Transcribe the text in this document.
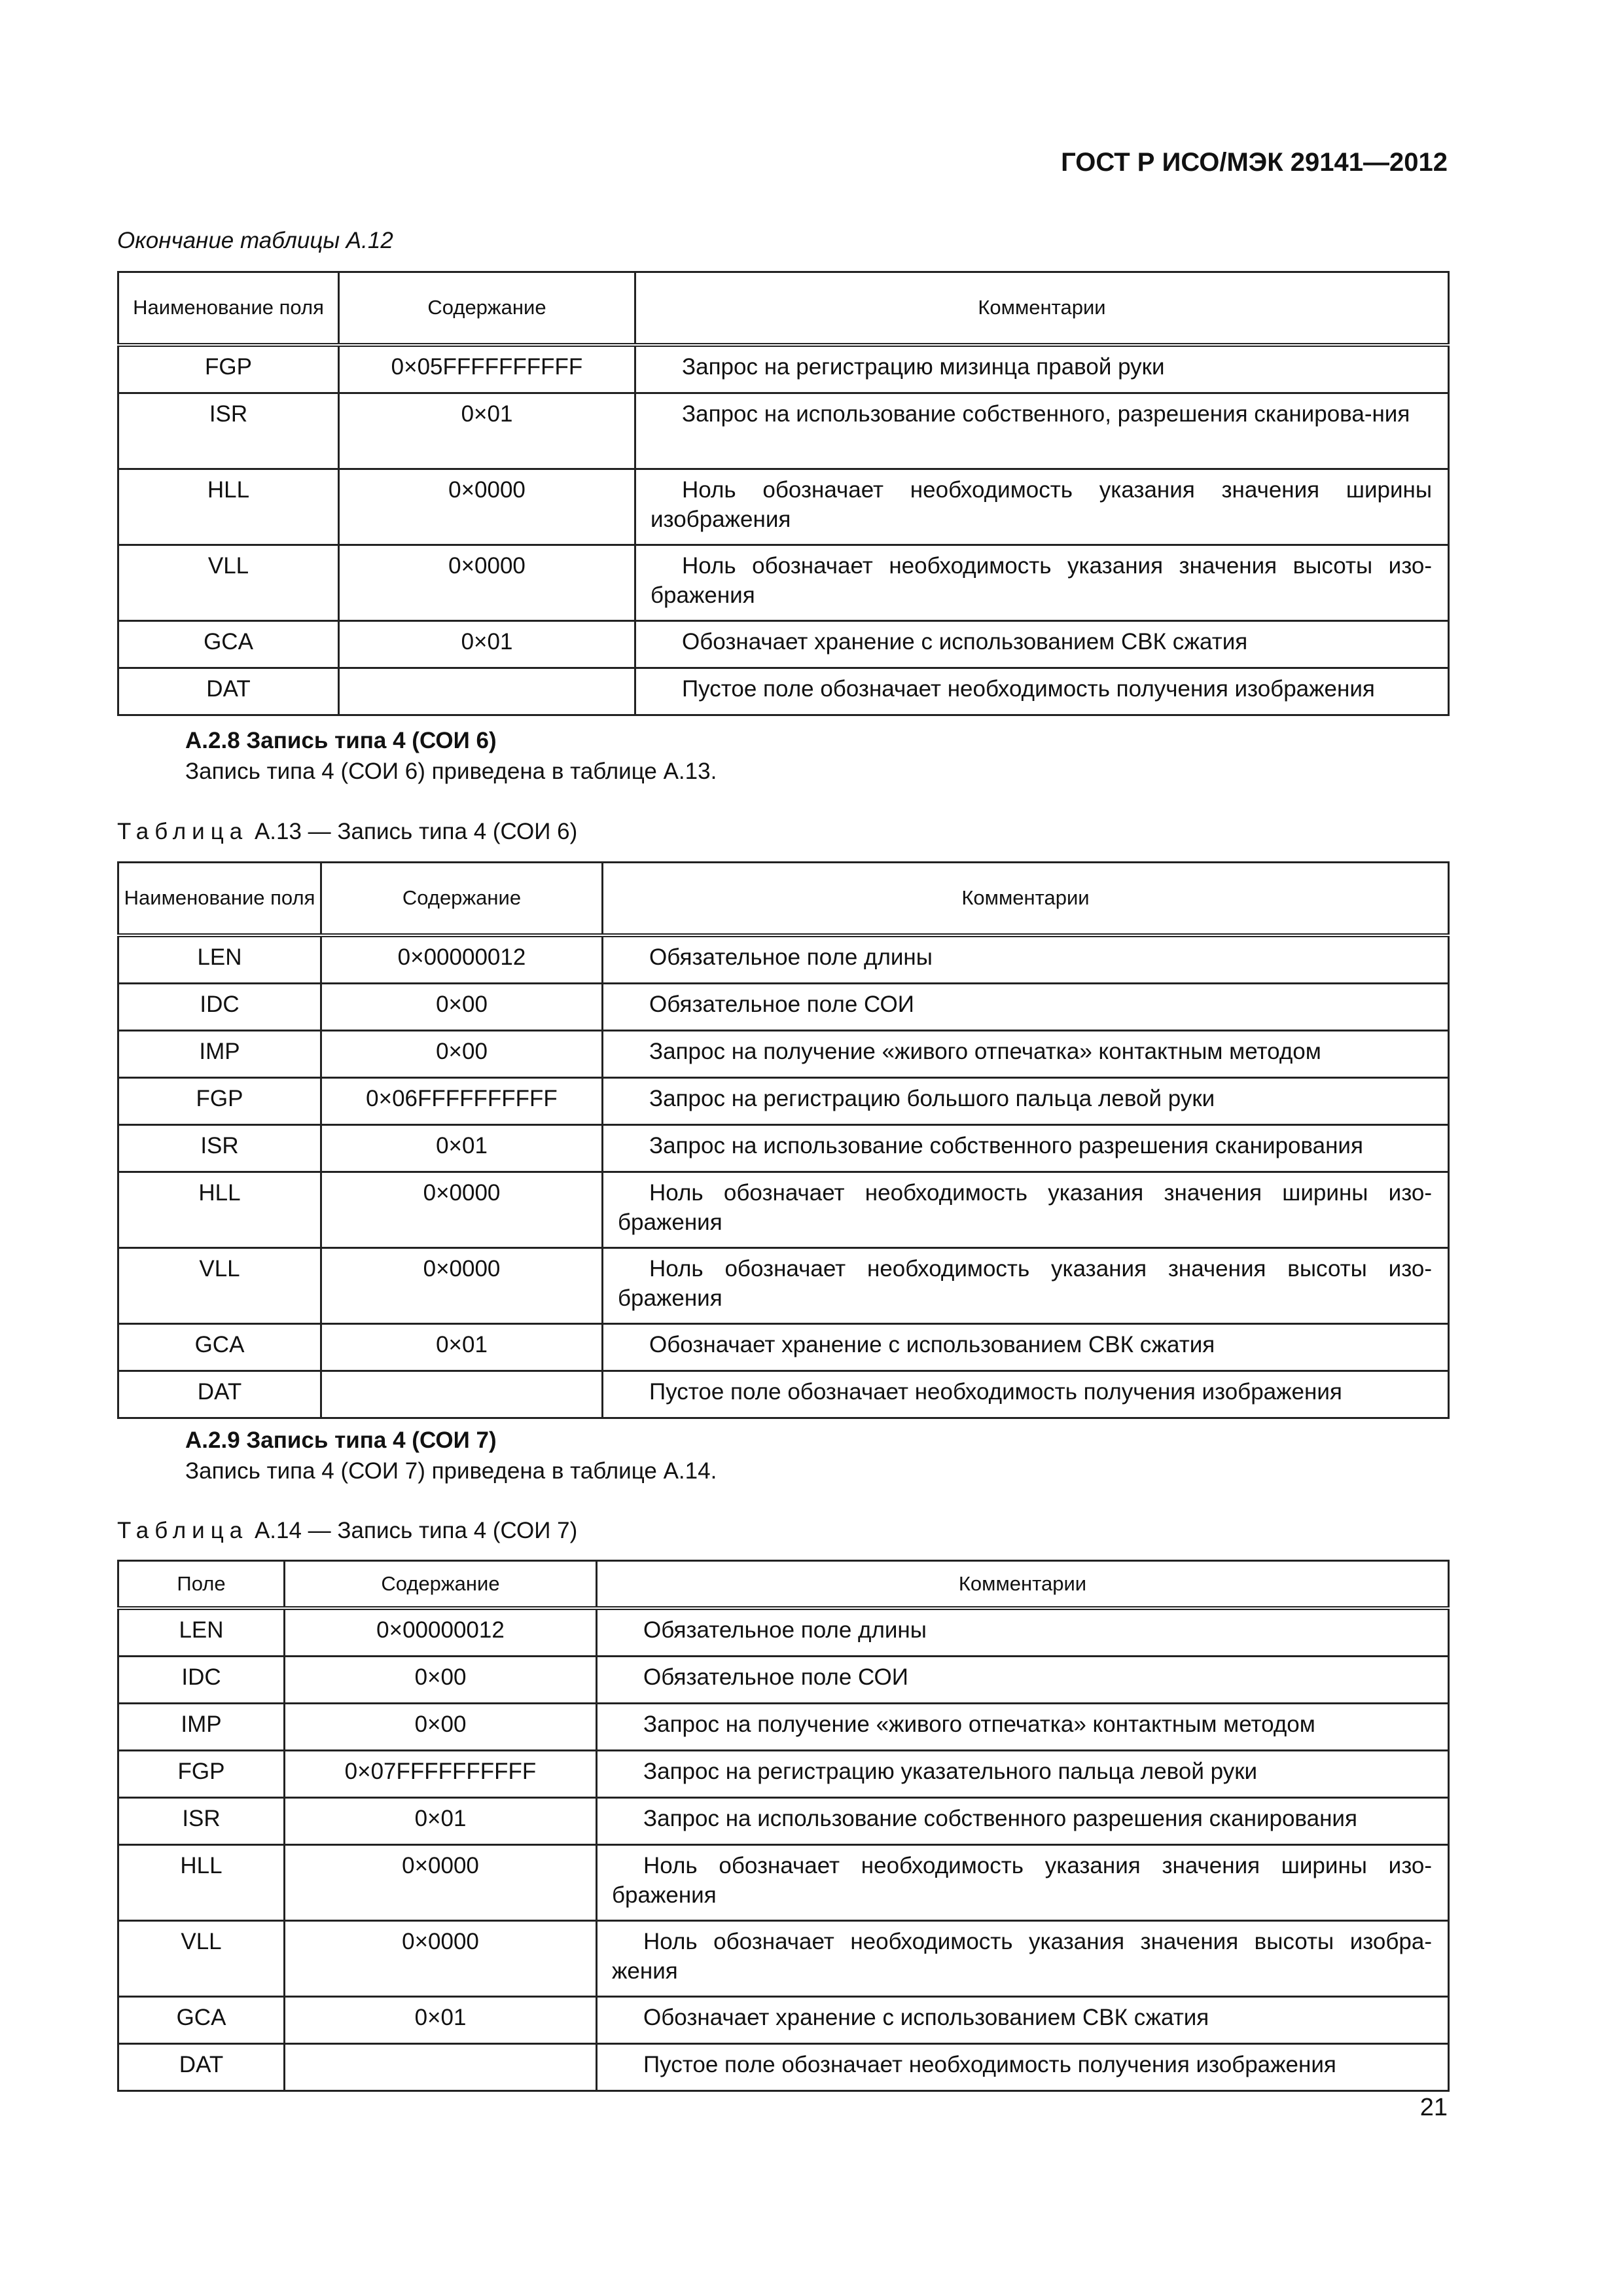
ГОСТ Р ИСО/МЭК 29141—2012
Окончание таблицы А.12
Наименование поля	Содержание	Комментарии
FGP	0×05FFFFFFFFFF	Запрос на регистрацию мизинца правой руки
ISR	0×01	Запрос на использование собственного, разрешения сканирова-ния
HLL	0×0000	Ноль обозначает необходимость указания значения ширины изображения
VLL	0×0000	Ноль обозначает необходимость указания значения высоты изо-бражения
GCA	0×01	Обозначает хранение с использованием СВК сжатия
DAT		Пустое поле обозначает необходимость получения изображения
А.2.8 Запись типа 4 (СОИ 6)
Запись типа 4 (СОИ 6) приведена в таблице А.13.
Таблица А.13 — Запись типа 4 (СОИ 6)
Наименование поля	Содержание	Комментарии
LEN	0×00000012	Обязательное поле длины
IDC	0×00	Обязательное поле СОИ
IMP	0×00	Запрос на получение «живого отпечатка» контактным методом
FGP	0×06FFFFFFFFFF	Запрос на регистрацию большого пальца левой руки
ISR	0×01	Запрос на использование собственного разрешения сканирования
HLL	0×0000	Ноль обозначает необходимость указания значения ширины изо-бражения
VLL	0×0000	Ноль обозначает необходимость указания значения высоты изо-бражения
GCA	0×01	Обозначает хранение с использованием СВК сжатия
DAT		Пустое поле обозначает необходимость получения изображения
А.2.9 Запись типа 4 (СОИ 7)
Запись типа 4 (СОИ 7) приведена в таблице А.14.
Таблица А.14 — Запись типа 4 (СОИ 7)
Поле	Содержание	Комментарии
LEN	0×00000012	Обязательное поле длины
IDC	0×00	Обязательное поле СОИ
IMP	0×00	Запрос на получение «живого отпечатка» контактным методом
FGP	0×07FFFFFFFFFF	Запрос на регистрацию указательного пальца левой руки
ISR	0×01	Запрос на использование собственного разрешения сканирования
HLL	0×0000	Ноль обозначает необходимость указания значения ширины изо-бражения
VLL	0×0000	Ноль обозначает необходимость указания значения высоты изобра-жения
GCA	0×01	Обозначает хранение с использованием СВК сжатия
DAT		Пустое поле обозначает необходимость получения изображения
21
